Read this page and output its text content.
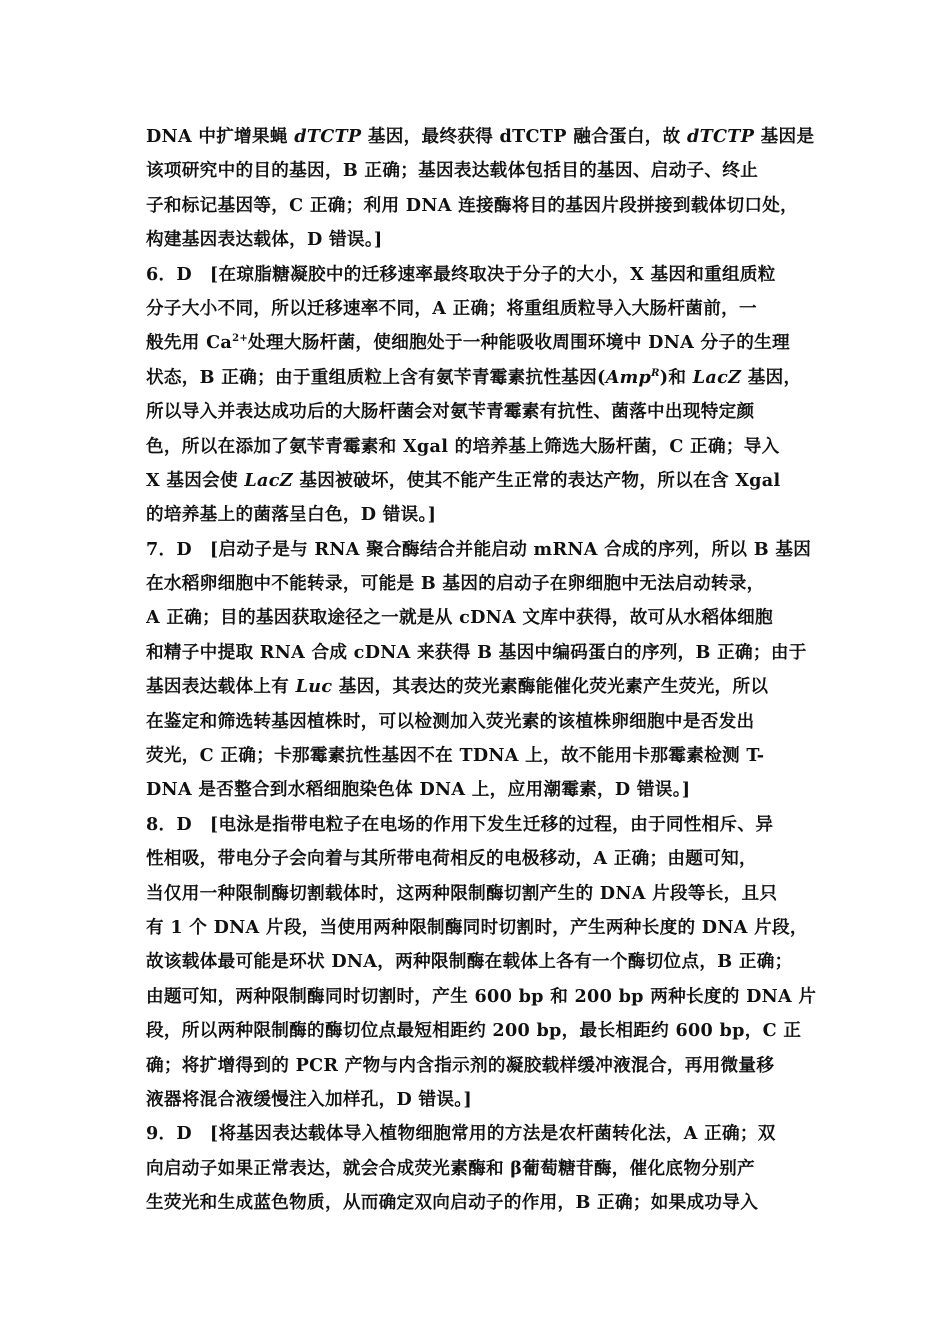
DNA 中扩增果蝇 dTCTP 基因，最终获得 dTCTP 融合蛋白，故 dTCTP 基因是
该项研究中的目的基因，B 正确；基因表达载体包括目的基因、启动子、终止
子和标记基因等，C 正确；利用 DNA 连接酶将目的基因片段拼接到载体切口处，
构建基因表达载体，D 错误。]
6．D　[在琼脂糖凝胶中的迁移速率最终取决于分子的大小，X 基因和重组质粒
分子大小不同，所以迁移速率不同，A 正确；将重组质粒导入大肠杆菌前，一
般先用 $Ca^{2+}$处理大肠杆菌，使细胞处于一种能吸收周围环境中 DNA 分子的生理
状态，B 正确；由于重组质粒上含有氨苄青霉素抗性基因(Amp$^R$)和 LacZ 基因，
所以导入并表达成功后的大肠杆菌会对氨苄青霉素有抗性、菌落中出现特定颜
色，所以在添加了氨苄青霉素和 Xgal 的培养基上筛选大肠杆菌，C 正确；导入
X 基因会使 LacZ 基因被破坏，使其不能产生正常的表达产物，所以在含 Xgal
的培养基上的菌落呈白色，D 错误。]
7．D　[启动子是与 RNA 聚合酶结合并能启动 mRNA 合成的序列，所以 B 基因
在水稻卵细胞中不能转录，可能是 B 基因的启动子在卵细胞中无法启动转录，
A 正确；目的基因获取途径之一就是从 cDNA 文库中获得，故可从水稻体细胞
和精子中提取 RNA 合成 cDNA 来获得 B 基因中编码蛋白的序列，B 正确；由于
基因表达载体上有 Luc 基因，其表达的荧光素酶能催化荧光素产生荧光，所以
在鉴定和筛选转基因植株时，可以检测加入荧光素的该植株卵细胞中是否发出
荧光，C 正确；卡那霉素抗性基因不在 TDNA 上，故不能用卡那霉素检测 T-
DNA 是否整合到水稻细胞染色体 DNA 上，应用潮霉素，D 错误。]
8．D　[电泳是指带电粒子在电场的作用下发生迁移的过程，由于同性相斥、异
性相吸，带电分子会向着与其所带电荷相反的电极移动，A 正确；由题可知，
当仅用一种限制酶切割载体时，这两种限制酶切割产生的 DNA 片段等长，且只
有 1 个 DNA 片段，当使用两种限制酶同时切割时，产生两种长度的 DNA 片段，
故该载体最可能是环状 DNA，两种限制酶在载体上各有一个酶切位点，B 正确；
由题可知，两种限制酶同时切割时，产生 600 bp 和 200 bp 两种长度的 DNA 片
段，所以两种限制酶的酶切位点最短相距约 200 bp，最长相距约 600 bp，C 正
确；将扩增得到的 PCR 产物与内含指示剂的凝胶载样缓冲液混合，再用微量移
液器将混合液缓慢注入加样孔，D 错误。]
9．D　[将基因表达载体导入植物细胞常用的方法是农杆菌转化法，A 正确；双
向启动子如果正常表达，就会合成荧光素酶和 β葡萄糖苷酶，催化底物分别产
生荧光和生成蓝色物质，从而确定双向启动子的作用，B 正确；如果成功导入
